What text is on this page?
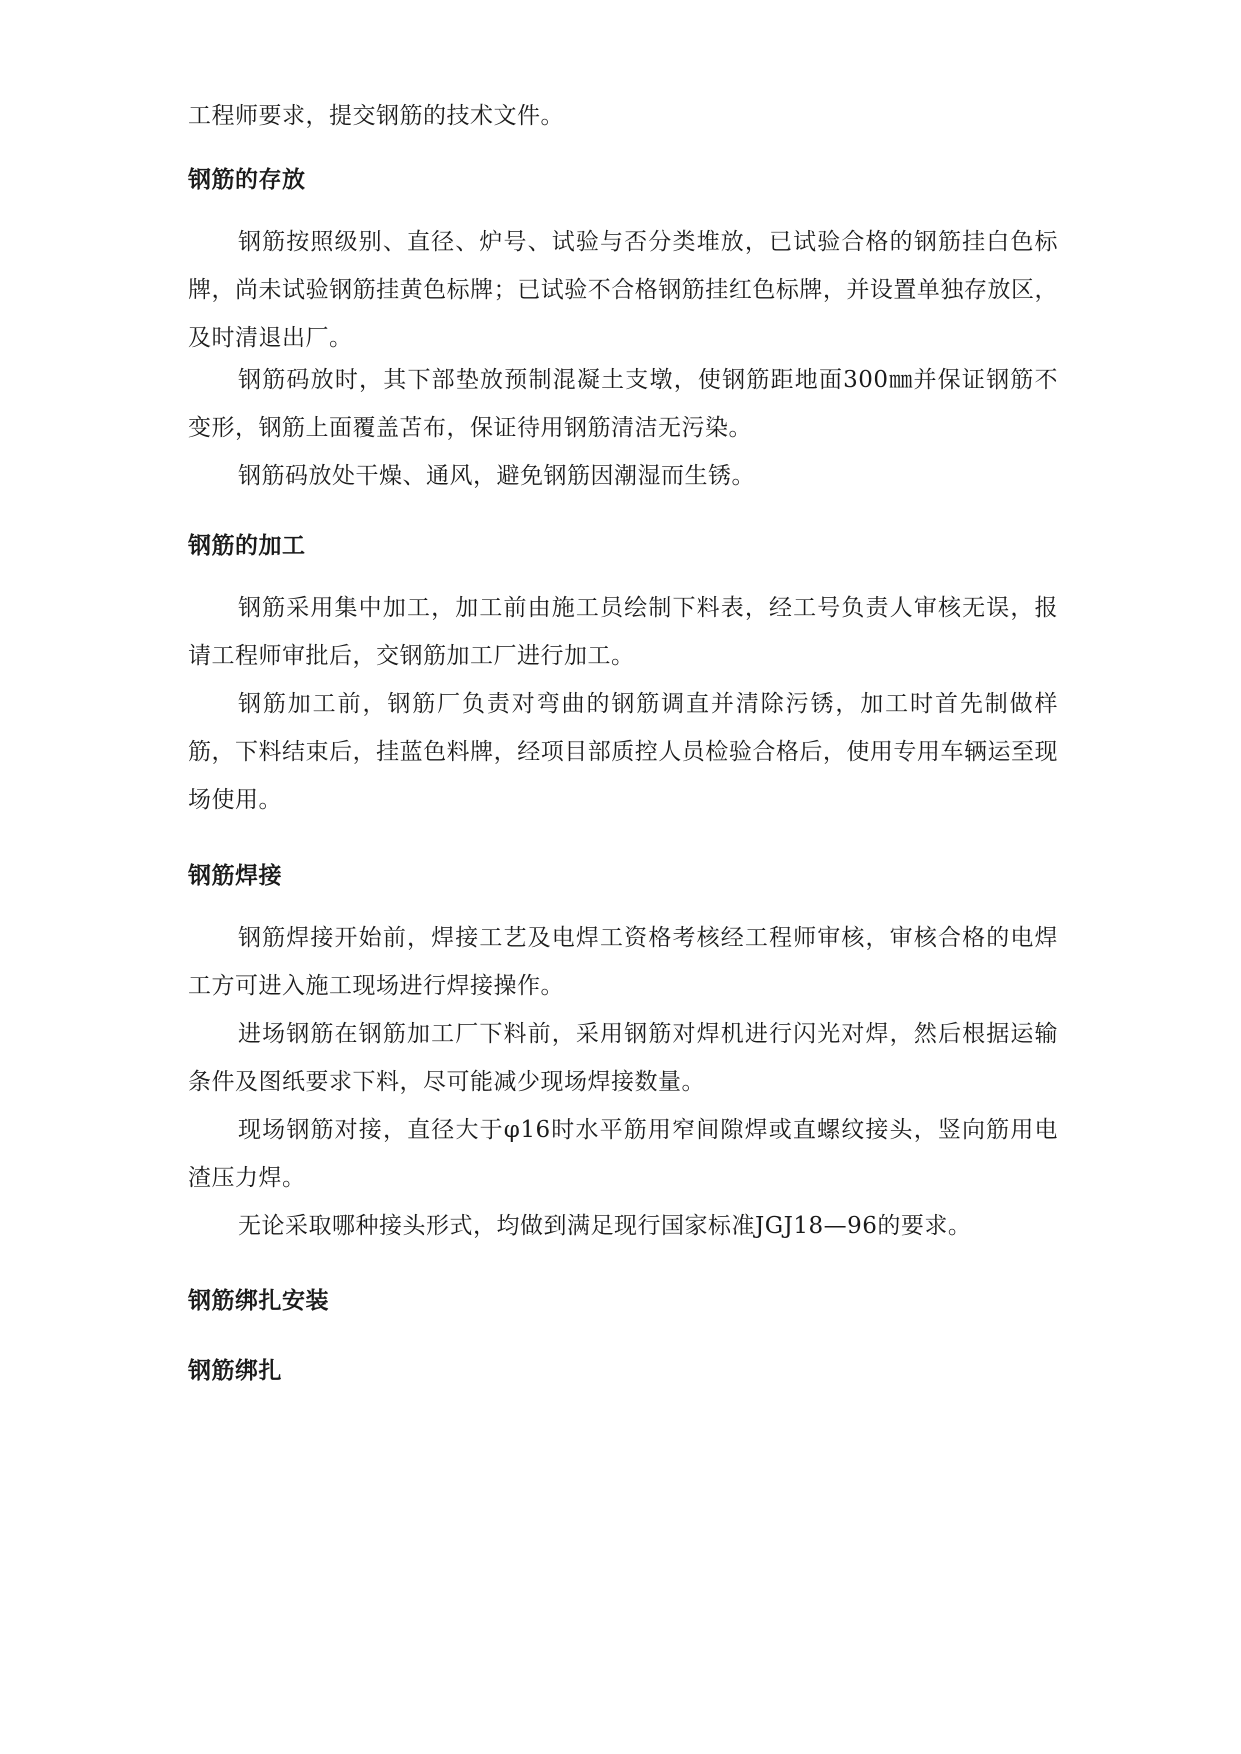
工程师要求，提交钢筋的技术文件。

钢筋的存放

钢筋按照级别、直径、炉号、试验与否分类堆放，已试验合格的钢筋挂白色标牌，尚未试验钢筋挂黄色标牌；已试验不合格钢筋挂红色标牌，并设置单独存放区，及时清退出厂。

钢筋码放时，其下部垫放预制混凝土支墩，使钢筋距地面300㎜并保证钢筋不变形，钢筋上面覆盖苫布，保证待用钢筋清洁无污染。

钢筋码放处干燥、通风，避免钢筋因潮湿而生锈。

钢筋的加工

钢筋采用集中加工，加工前由施工员绘制下料表，经工号负责人审核无误，报请工程师审批后，交钢筋加工厂进行加工。

钢筋加工前，钢筋厂负责对弯曲的钢筋调直并清除污锈，加工时首先制做样筋，下料结束后，挂蓝色料牌，经项目部质控人员检验合格后，使用专用车辆运至现场使用。

钢筋焊接

钢筋焊接开始前，焊接工艺及电焊工资格考核经工程师审核，审核合格的电焊工方可进入施工现场进行焊接操作。

进场钢筋在钢筋加工厂下料前，采用钢筋对焊机进行闪光对焊，然后根据运输条件及图纸要求下料，尽可能减少现场焊接数量。

现场钢筋对接，直径大于φ16时水平筋用窄间隙焊或直螺纹接头，竖向筋用电渣压力焊。

无论采取哪种接头形式，均做到满足现行国家标准JGJ18—96的要求。

钢筋绑扎安装
钢筋绑扎
